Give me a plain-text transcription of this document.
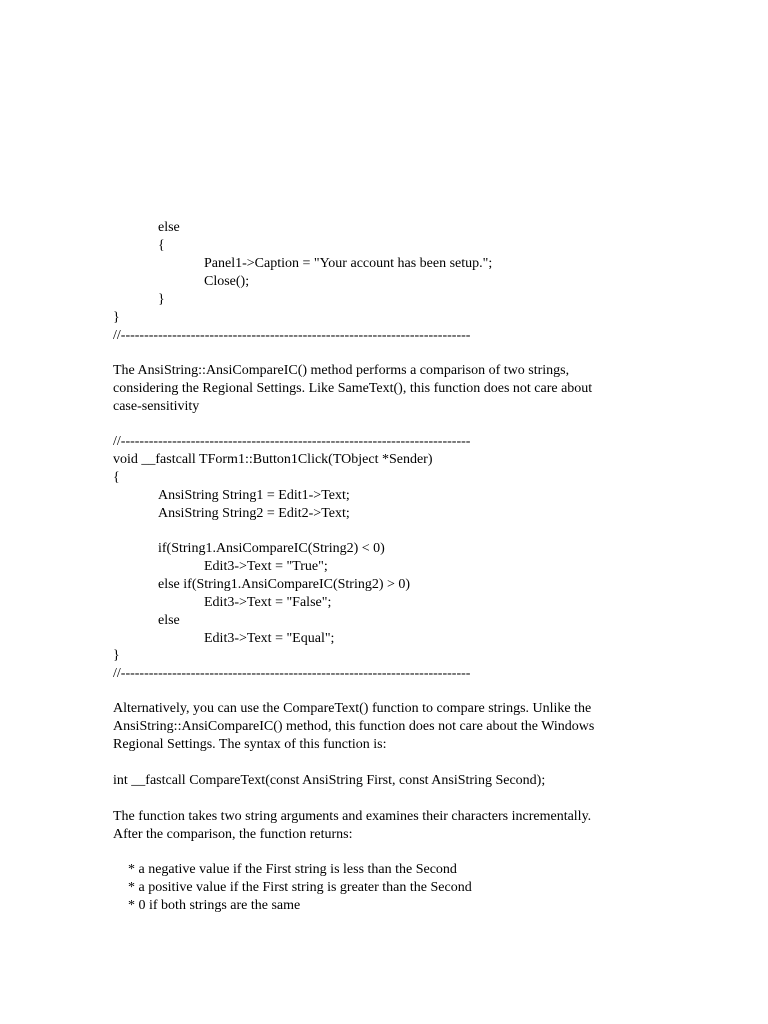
else
{
Panel1->Caption = "Your account has been setup.";
Close();
}
}
//---------------------------------------------------------------------------
The AnsiString::AnsiCompareIC() method performs a comparison of two strings,
considering the Regional Settings. Like SameText(), this function does not care about
case-sensitivity
//---------------------------------------------------------------------------
void __fastcall TForm1::Button1Click(TObject *Sender)
{
AnsiString String1 = Edit1->Text;
AnsiString String2 = Edit2->Text;
if(String1.AnsiCompareIC(String2) < 0)
Edit3->Text = "True";
else if(String1.AnsiCompareIC(String2) > 0)
Edit3->Text = "False";
else
Edit3->Text = "Equal";
}
//---------------------------------------------------------------------------
Alternatively, you can use the CompareText() function to compare strings. Unlike the
AnsiString::AnsiCompareIC() method, this function does not care about the Windows
Regional Settings. The syntax of this function is:
int __fastcall CompareText(const AnsiString First, const AnsiString Second);
The function takes two string arguments and examines their characters incrementally.
After the comparison, the function returns:
* a negative value if the First string is less than the Second
* a positive value if the First string is greater than the Second
* 0 if both strings are the same
